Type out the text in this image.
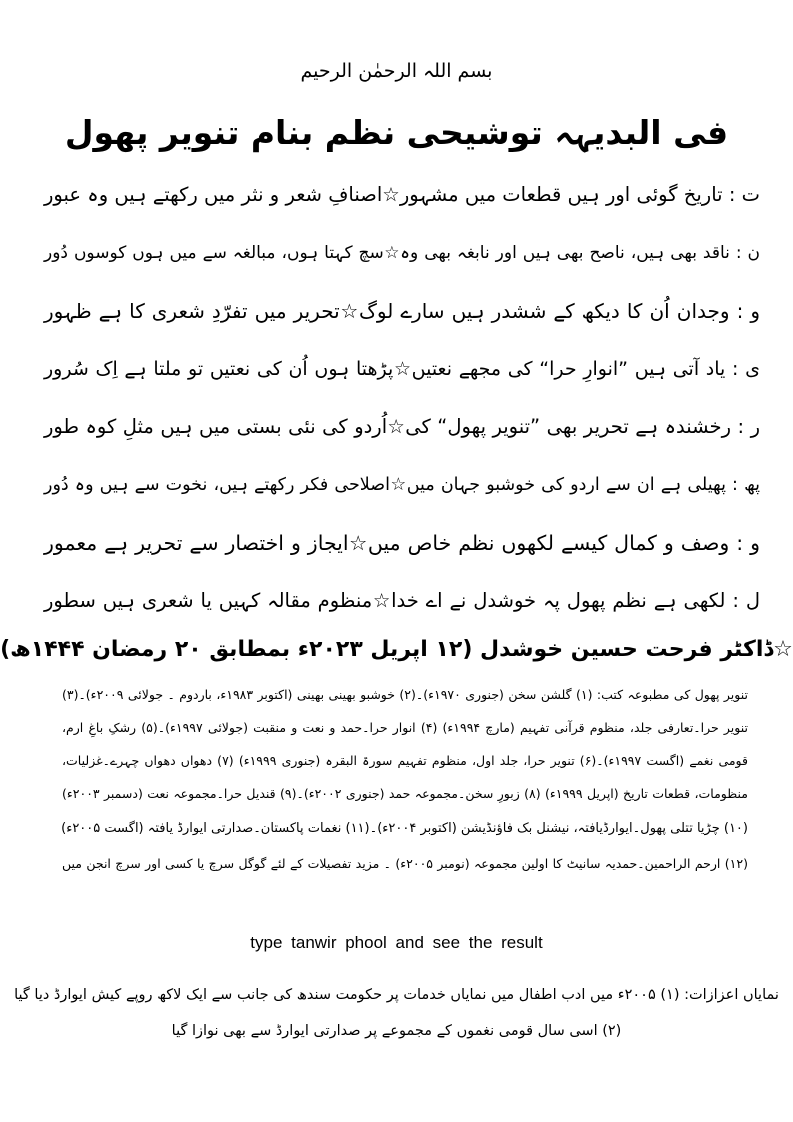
بسم اللہ الرحمٰن الرحیم
فی البدیہہ توشیحی نظم بنام تنویر پھول
ت : تاریخ گوئی اور ہیں قطعات میں مشہور☆اصنافِ شعر و نثر میں رکھتے ہیں وہ عبور
ن : ناقد بھی ہیں، ناصح بھی ہیں اور نابغہ بھی وہ☆سچ کہتا ہوں، مبالغہ سے میں ہوں کوسوں دُور
و : وجدان اُن کا دیکھ کے ششدر ہیں سارے لوگ☆تحریر میں تفرّدِ شعری کا ہے ظہور
ی : یاد آتی ہیں ”انوارِ حرا“ کی مجھے نعتیں☆پڑھتا ہوں اُن کی نعتیں تو ملتا ہے اِک سُرور
ر : رخشندہ ہے تحریر بھی ”تنویر پھول“ کی☆اُردو کی نئی بستی میں ہیں مثلِ کوہ طور
پھ : پھیلی ہے ان سے اردو کی خوشبو جہان میں☆اصلاحی فکر رکھتے ہیں، نخوت سے ہیں وہ دُور
و : وصف و کمال کیسے لکھوں نظم خاص میں☆ایجاز و اختصار سے تحریر ہے معمور
ل : لکھی ہے نظم پھول پہ خوشدل نے اے خدا☆منظوم مقالہ کہیں یا شعری ہیں سطور
☆ڈاکٹر فرحت حسین خوشدل (۱۲ اپریل ۲۰۲۳ء بمطابق ۲۰ رمضان ۱۴۴۴ھ)
تنویر پھول کی مطبوعہ کتب: (۱) گلشن سخن (جنوری ۱۹۷۰ء)۔(۲) خوشبو بھینی بھینی (اکتوبر ۱۹۸۳ء، باردوم ۔ جولائی ۲۰۰۹ء)۔(۳)
تنویر حرا۔تعارفی جلد، منظوم قرآنی تفہیم (مارچ ۱۹۹۴ء) (۴) انوار حرا۔حمد و نعت و منقبت (جولائی ۱۹۹۷ء)۔(۵) رشکِ باغِ ارم،
قومی نغمے (اگست ۱۹۹۷ء)۔(۶) تنویر حرا، جلد اول، منظوم تفہیم سورۃ البقرہ (جنوری ۱۹۹۹ء) (۷) دھواں دھواں چہرے۔غزلیات،
منظومات، قطعات تاریخ (اپریل ۱۹۹۹ء) (۸) زبورِ سخن۔مجموعہ حمد (جنوری ۲۰۰۲ء)۔(۹) قندیل حرا۔مجموعہ نعت (دسمبر ۲۰۰۳ء)
(۱۰) چڑیا تتلی پھول۔ایوارڈیافتہ، نیشنل بک فاؤنڈیشن (اکتوبر ۲۰۰۴ء)۔(۱۱) نغمات پاکستان۔صدارتی ایوارڈ یافتہ (اگست ۲۰۰۵ء)
(۱۲) ارحم الراحمین۔حمدیہ سانیٹ کا اولین مجموعہ (نومبر ۲۰۰۵ء) ۔ مزید تفصیلات کے لئے گوگل سرچ یا کسی اور سرچ انجن میں
type tanwir phool and see the result
نمایاں اعزازات: (۱) ۲۰۰۵ء میں ادب اطفال میں نمایاں خدمات پر حکومت سندھ کی جانب سے ایک لاکھ روپے کیش ایوارڈ دیا گیا
(۲) اسی سال قومی نغموں کے مجموعے پر صدارتی ایوارڈ سے بھی نوازا گیا
